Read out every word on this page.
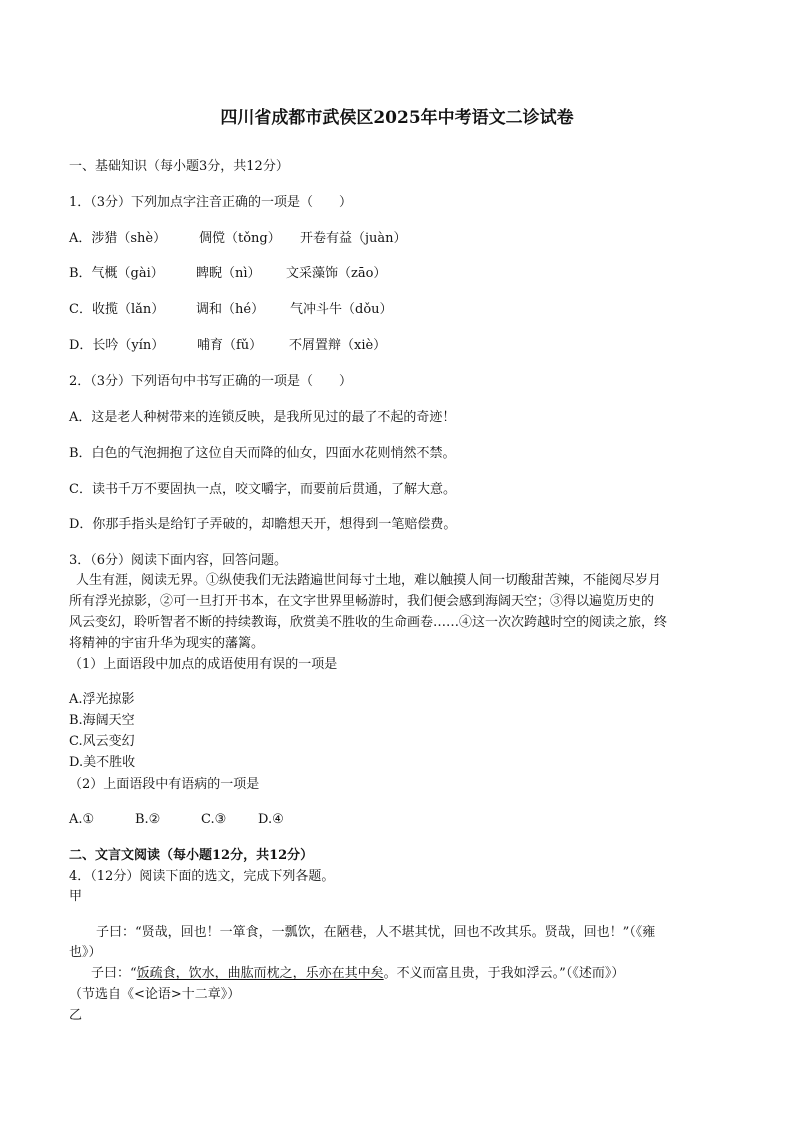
四川省成都市武侯区2025年中考语文二诊试卷
一、基础知识（每小题3分，共12分）
1．（3分）下列加点字注音正确的一项是（　　）
A．涉猎（shè）	倜傥（tǒng） 开卷有益（juàn）
B．气概（gài） 睥睨（nì） 文采藻饰（zāo）
C．收揽（lǎn） 调和（hé） 气冲斗牛（dǒu）
D．长吟（yín）	哺育（fǔ） 不屑置辩（xiè）
2．（3分）下列语句中书写正确的一项是（　　）
A．这是老人种树带来的连锁反映，是我所见过的最了不起的奇迹！
B．白色的气泡拥抱了这位自天而降的仙女，四面水花则悄然不禁。
C．读书千万不要固执一点，咬文嚼字，而要前后贯通，了解大意。
D．你那手指头是给钉子弄破的，却瞻想天开，想得到一笔赔偿费。
3．（6分）阅读下面内容，回答问题。
人生有涯，阅读无界。①纵使我们无法踏遍世间每寸土地，难以触摸人间一切酸甜苦辣，不能阅尽岁月
所有浮光掠影，②可一旦打开书本，在文字世界里畅游时，我们便会感到海阔天空；③得以遍览历史的
风云变幻，聆听智者不断的持续教诲，欣赏美不胜收的生命画卷……④这一次次跨越时空的阅读之旅，终
将精神的宇宙升华为现实的藩篱。
（1）上面语段中加点的成语使用有误的一项是
A.浮光掠影
B.海阔天空
C.风云变幻
D.美不胜收
（2）上面语段中有语病的一项是
A.①	B.②	C.③ D.④
二、文言文阅读（每小题12分，共12分）
4．（12分）阅读下面的选文，完成下列各题。
甲
子曰：“贤哉，回也！一箪食，一瓢饮，在陋巷，人不堪其忧，回也不改其乐。贤哉，回也！”（《雍
也》）
子曰：“饭疏食，饮水，曲肱而枕之，乐亦在其中矣。不义而富且贵，于我如浮云。”（《述而》）
（节选自《<论语>十二章》）
乙
